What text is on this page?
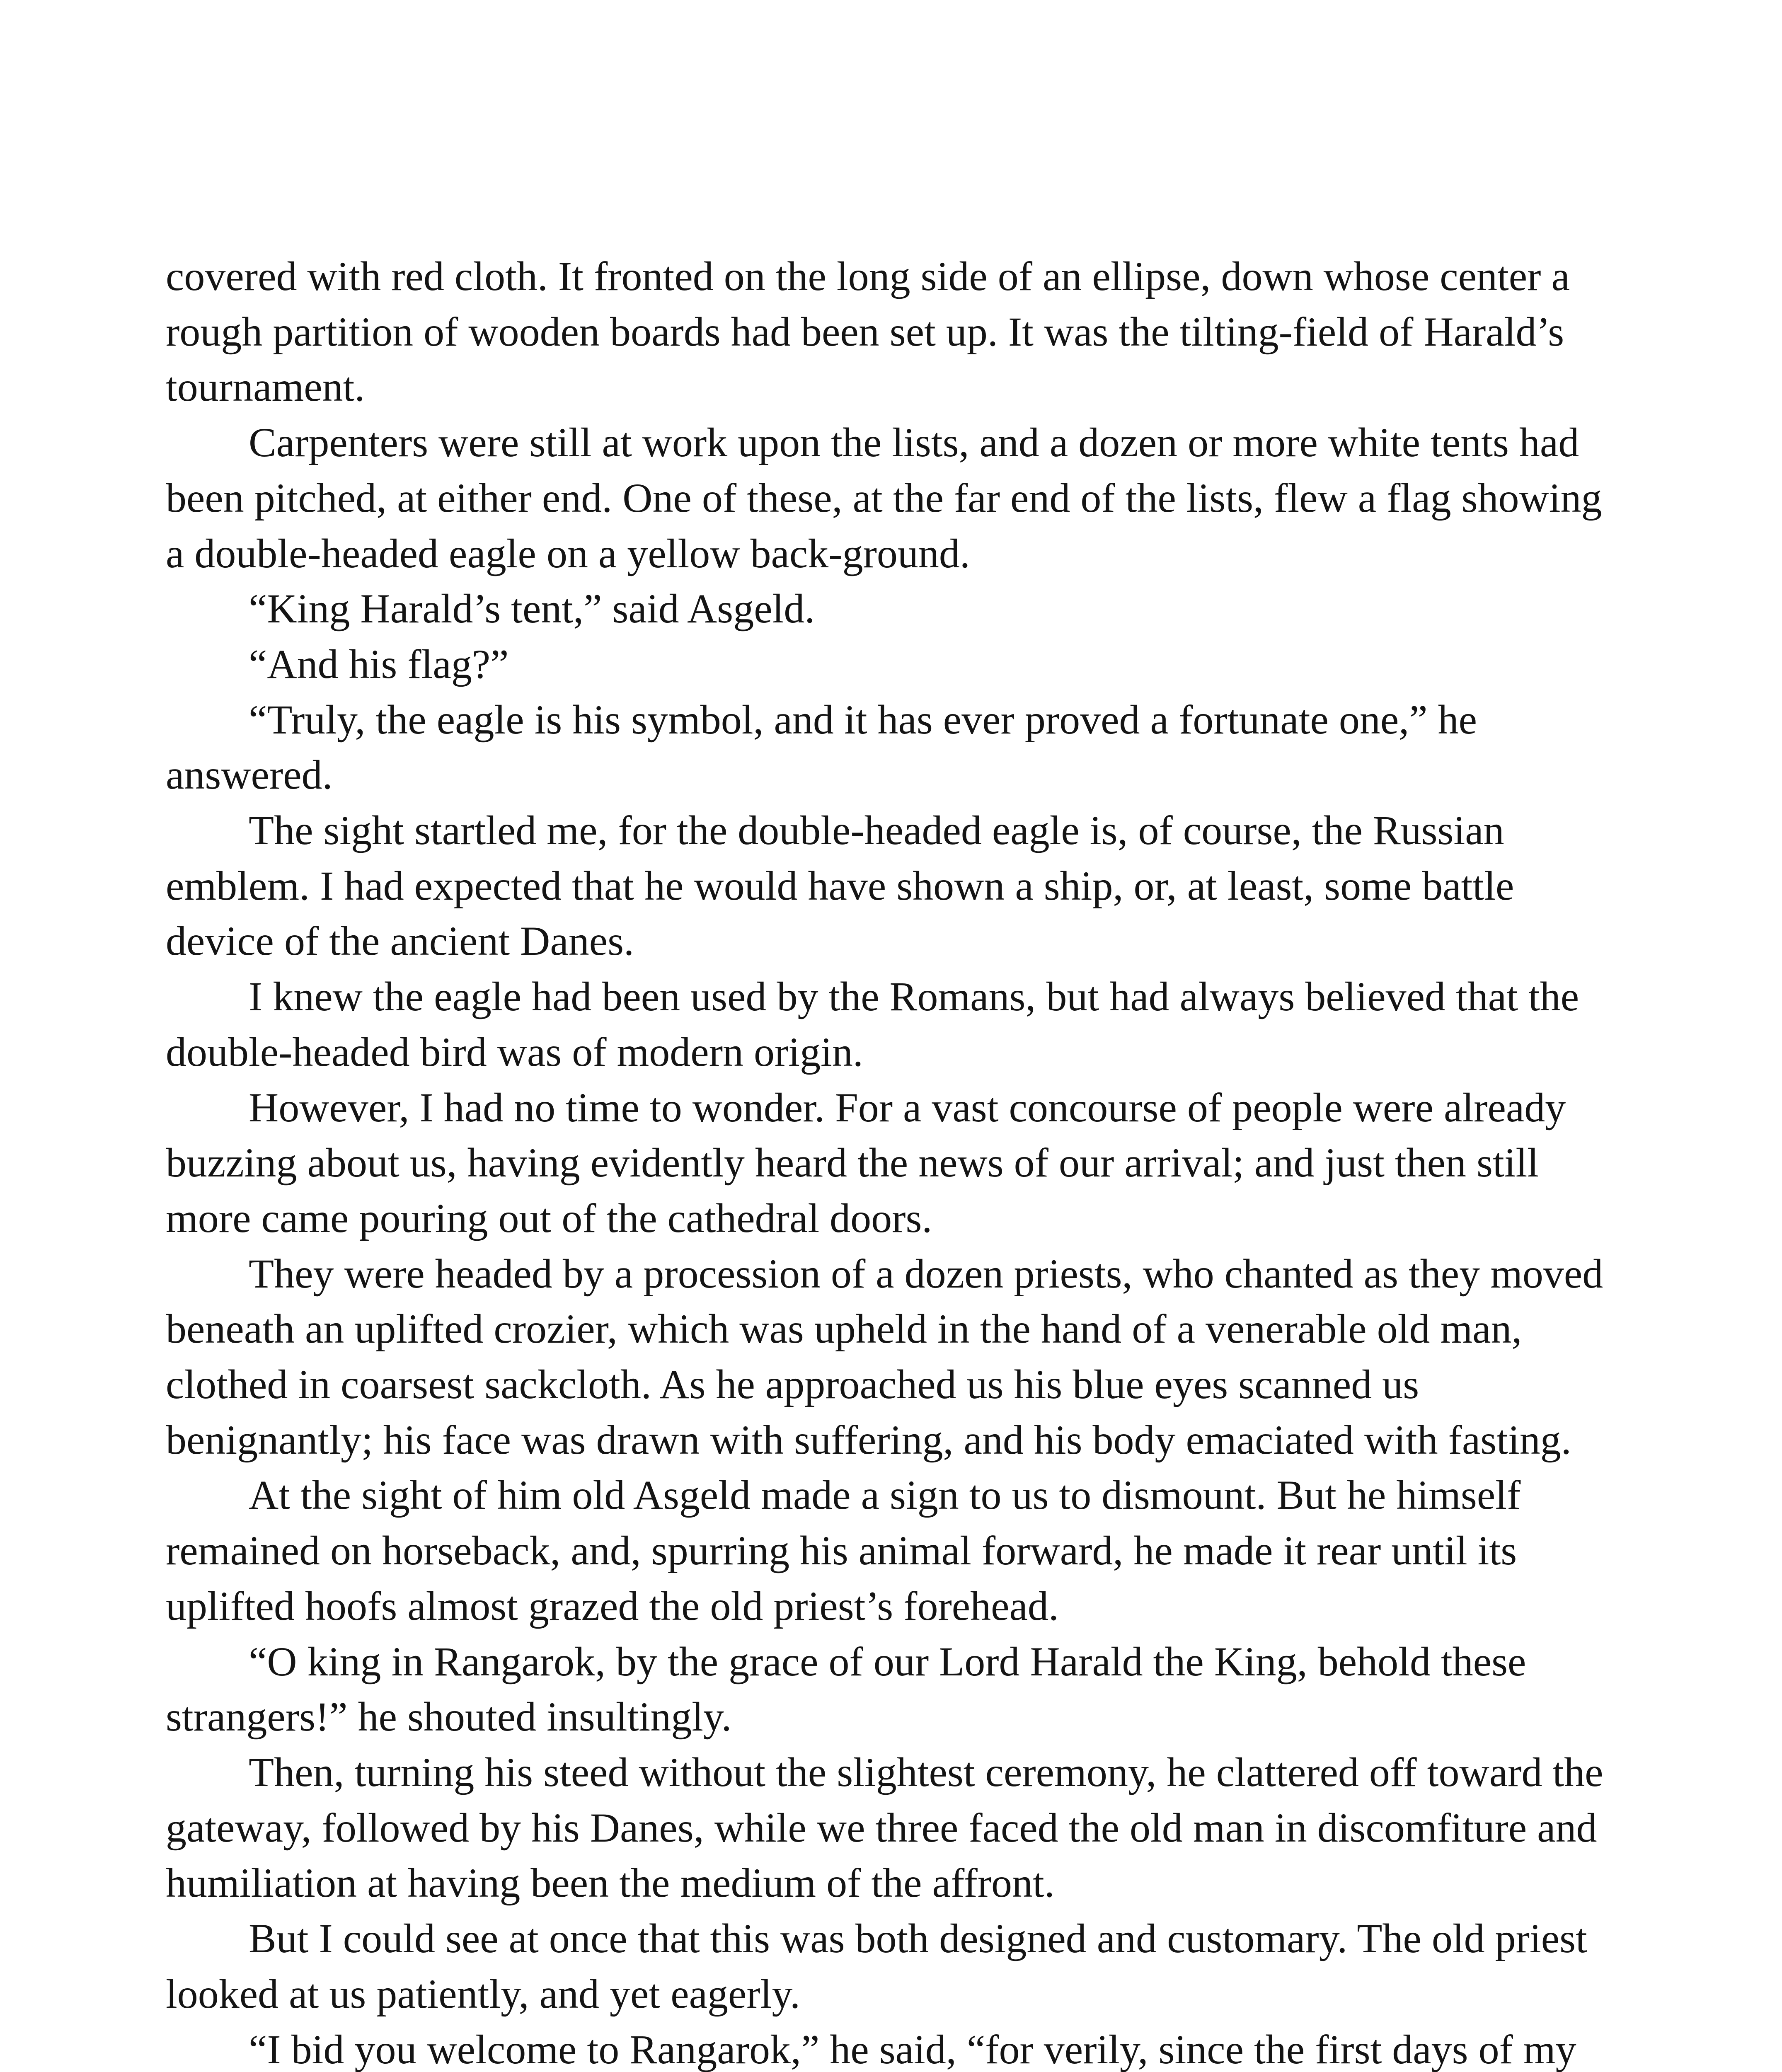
covered with red cloth. It fronted on the long side of an ellipse, down whose center a rough partition of wooden boards had been set up. It was the tilting-field of Harald’s tournament.

Carpenters were still at work upon the lists, and a dozen or more white tents had been pitched, at either end. One of these, at the far end of the lists, flew a flag showing a double-headed eagle on a yellow back-ground.

“King Harald’s tent,” said Asgeld.

“And his flag?”

“Truly, the eagle is his symbol, and it has ever proved a fortunate one,” he answered.

The sight startled me, for the double-headed eagle is, of course, the Russian emblem. I had expected that he would have shown a ship, or, at least, some battle device of the ancient Danes.

I knew the eagle had been used by the Romans, but had always believed that the double-headed bird was of modern origin.

However, I had no time to wonder. For a vast concourse of people were already buzzing about us, having evidently heard the news of our arrival; and just then still more came pouring out of the cathedral doors.

They were headed by a procession of a dozen priests, who chanted as they moved beneath an uplifted crozier, which was upheld in the hand of a venerable old man, clothed in coarsest sackcloth. As he approached us his blue eyes scanned us benignantly; his face was drawn with suffering, and his body emaciated with fasting.

At the sight of him old Asgeld made a sign to us to dismount. But he himself remained on horseback, and, spurring his animal forward, he made it rear until its uplifted hoofs almost grazed the old priest’s forehead.

“O king in Rangarok, by the grace of our Lord Harald the King, behold these strangers!” he shouted insultingly.

Then, turning his steed without the slightest ceremony, he clattered off toward the gateway, followed by his Danes, while we three faced the old man in discomfiture and humiliation at having been the medium of the affront.

But I could see at once that this was both designed and customary. The old priest looked at us patiently, and yet eagerly.

“I bid you welcome to Rangarok,” he said, “for verily, since the first days of my
